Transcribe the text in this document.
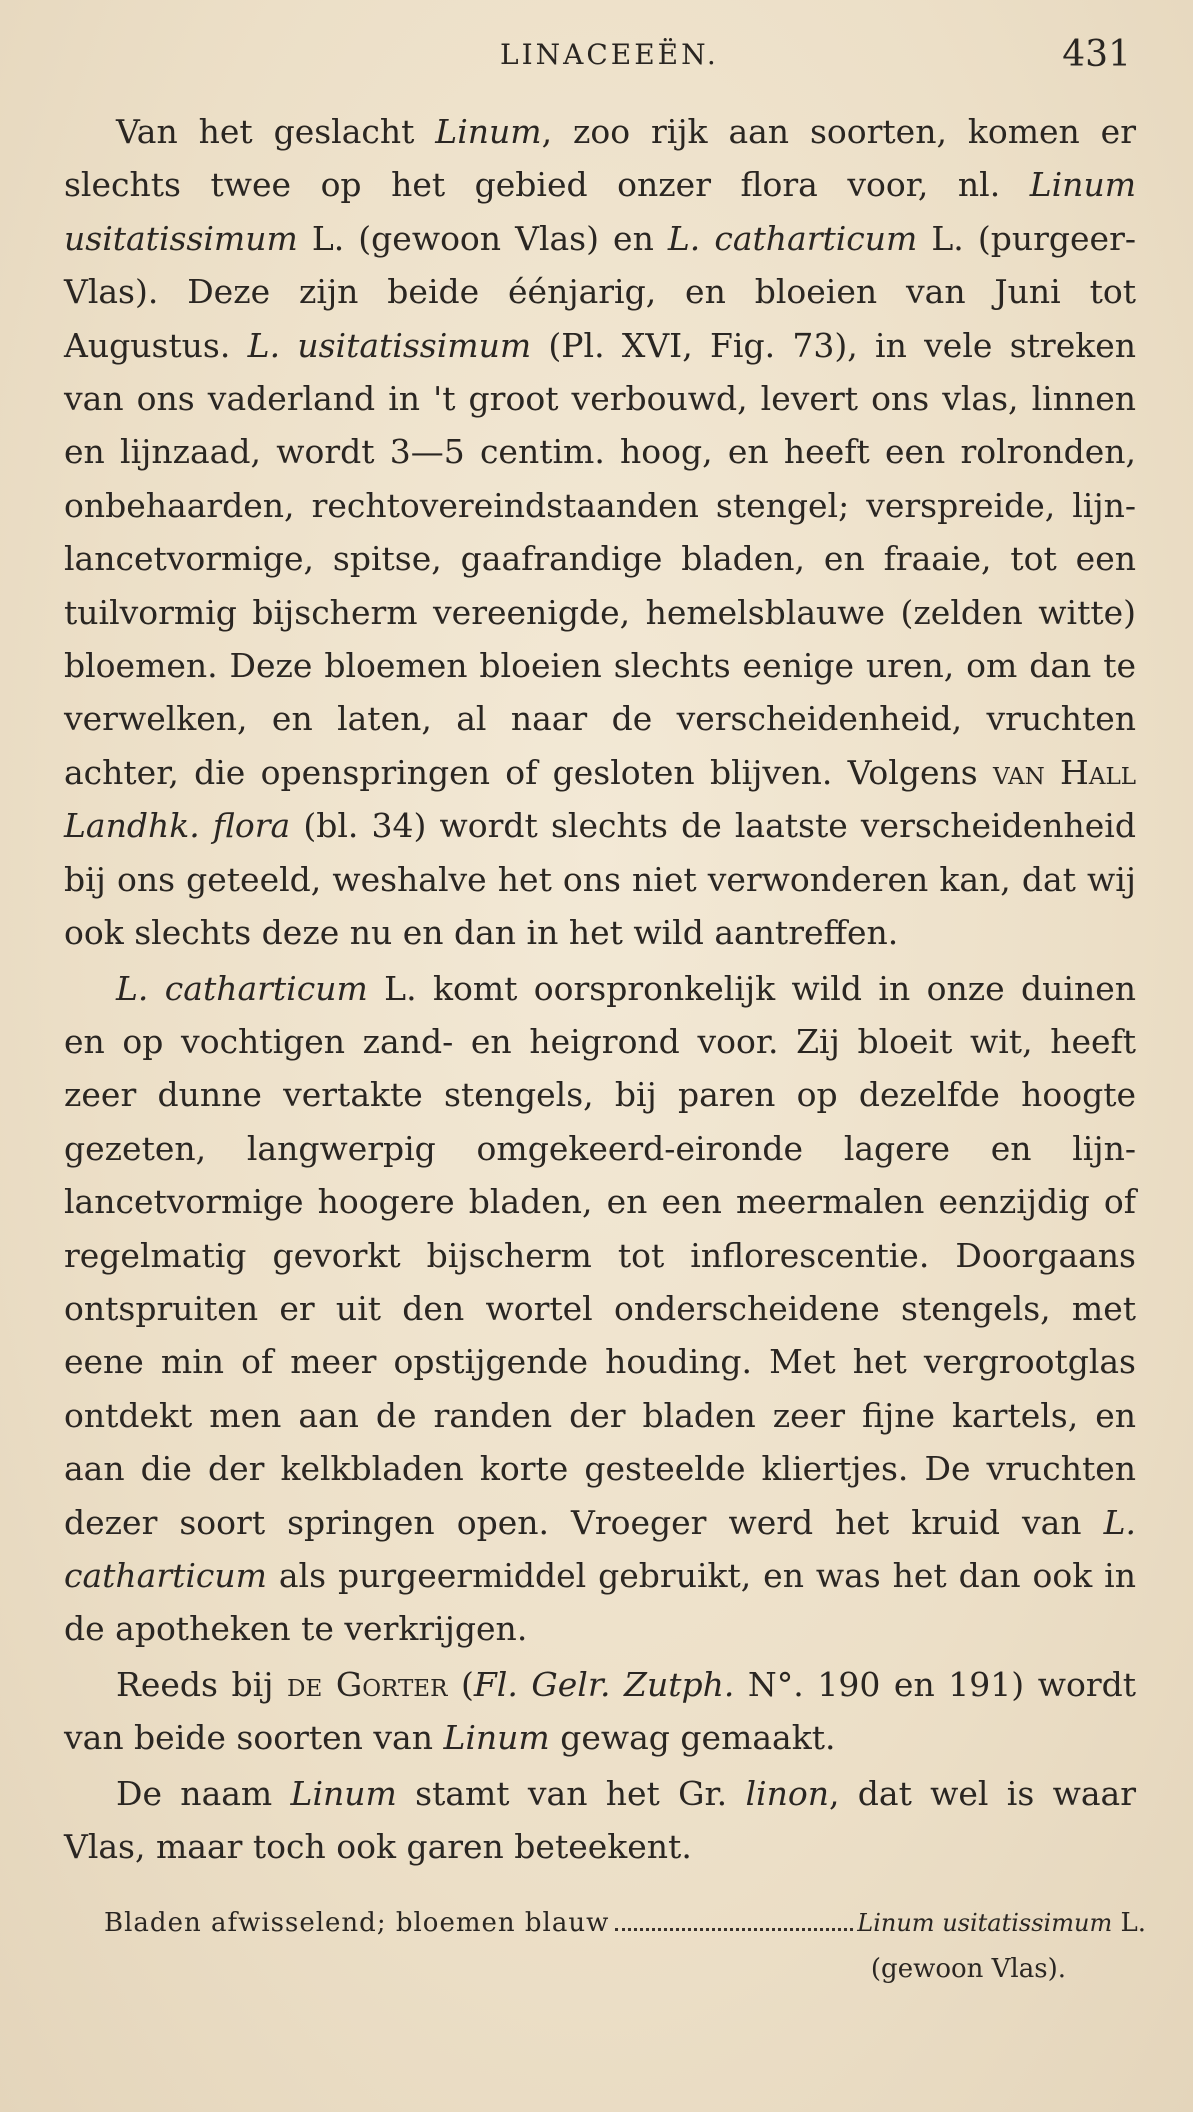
LINACEEËN.	431

Van het geslacht Linum, zoo rijk aan soorten, komen er slechts twee op het gebied onzer flora voor, nl. Linum usitatissimum L. (gewoon Vlas) en L. catharticum L. (purgeer-Vlas). Deze zijn beide éénjarig, en bloeien van Juni tot Augustus. L. usitatissimum (Pl. XVI, Fig. 73), in vele streken van ons vaderland in 't groot verbouwd, levert ons vlas, linnen en lijnzaad, wordt 3—5 centim. hoog, en heeft een rolronden, onbehaarden, rechtovereindstaanden stengel; verspreide, lijn-lancetvormige, spitse, gaafrandige bladen, en fraaie, tot een tuilvormig bijscherm vereenigde, hemelsblauwe (zelden witte) bloemen. Deze bloemen bloeien slechts eenige uren, om dan te verwelken, en laten, al naar de verscheidenheid, vruchten achter, die openspringen of gesloten blijven. Volgens van Hall Landhk. flora (bl. 34) wordt slechts de laatste verscheidenheid bij ons geteeld, weshalve het ons niet verwonderen kan, dat wij ook slechts deze nu en dan in het wild aantreffen.

L. catharticum L. komt oorspronkelijk wild in onze duinen en op vochtigen zand- en heigrond voor. Zij bloeit wit, heeft zeer dunne vertakte stengels, bij paren op dezelfde hoogte gezeten, langwerpig omgekeerd-eironde lagere en lijn-lancetvormige hoogere bladen, en een meermalen eenzijdig of regelmatig gevorkt bijscherm tot inflorescentie. Doorgaans ontspruiten er uit den wortel onderscheidene stengels, met eene min of meer opstijgende houding. Met het vergrootglas ontdekt men aan de randen der bladen zeer fijne kartels, en aan die der kelkbladen korte gesteelde kliertjes. De vruchten dezer soort springen open. Vroeger werd het kruid van L. catharticum als purgeermiddel gebruikt, en was het dan ook in de apotheken te verkrijgen.

Reeds bij de Gorter (Fl. Gelr. Zutph. N°. 190 en 191) wordt van beide soorten van Linum gewag gemaakt.

De naam Linum stamt van het Gr. linon, dat wel is waar Vlas, maar toch ook garen beteekent.

Bladen afwisselend; bloemen blauw	Linum usitatissimum L.
(gewoon Vlas).
